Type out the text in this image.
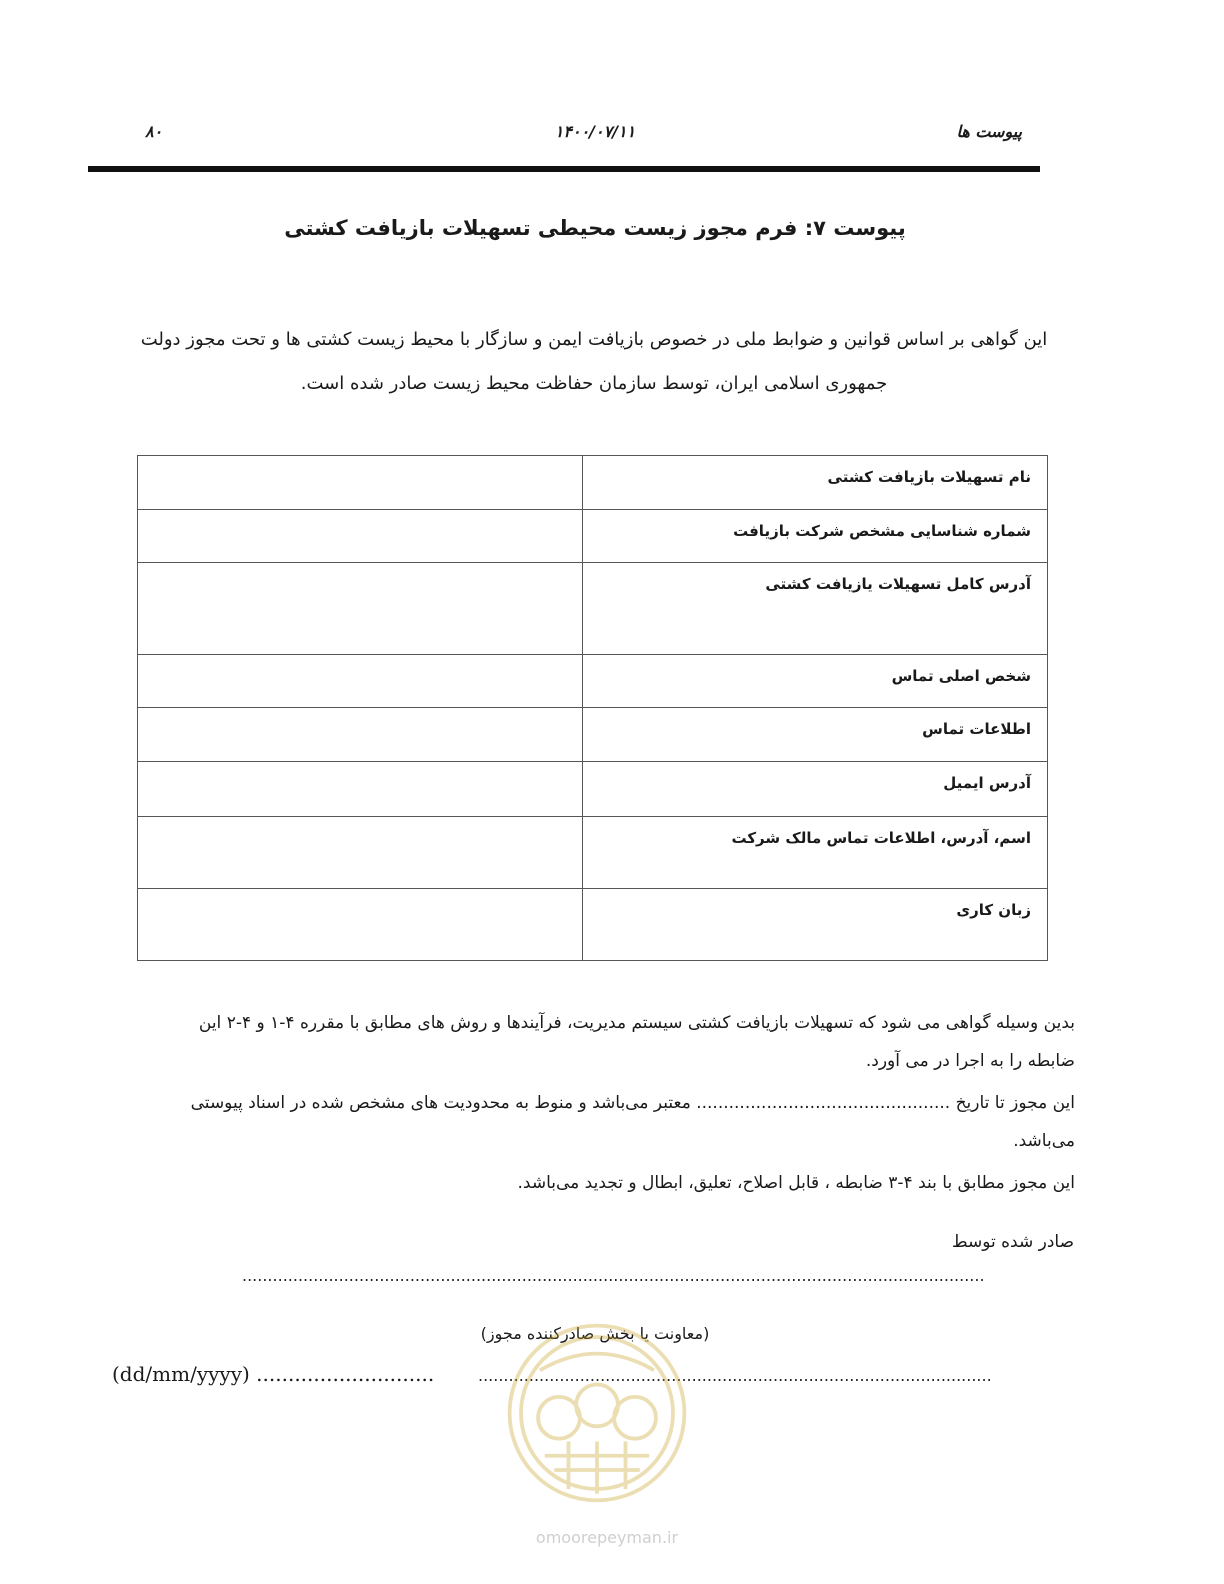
پیوست ها
۱۴۰۰/۰۷/۱۱
۸۰
پیوست ۷: فرم مجوز زیست محیطی تسهیلات بازیافت کشتی
این گواهی بر اساس قوانین و ضوابط ملی در خصوص بازیافت ایمن و سازگار با محیط زیست کشتی ها و تحت مجوز دولت جمهوری اسلامی ایران، توسط سازمان حفاظت محیط زیست صادر شده است.
نام تسهیلات بازیافت کشتی	
شماره شناسایی مشخص شرکت بازیافت	
آدرس کامل تسهیلات یازیافت کشتی	
شخص اصلی تماس	
اطلاعات تماس	
آدرس ایمیل	
اسم، آدرس، اطلاعات تماس مالک شرکت	
زبان کاری	

بدین وسیله گواهی می شود که تسهیلات بازیافت کشتی سیستم مدیریت، فرآیندها و روش های مطابق با مقرره ۴-۱ و ۴-۲ این ضابطه را به اجرا در می آورد.

این مجوز تا تاریخ ............................................... معتبر می‌باشد و منوط به محدودیت های مشخص شده در اسناد پیوستی می‌باشد.

این مجوز مطابق با بند ۴-۳ ضابطه ، قابل اصلاح، تعلیق، ابطال و تجدید می‌باشد.

صادر شده توسط
..................................................................................................................................................
(معاونت یا بخش صادرکننده مجوز)
.....................................................................................................
(dd/mm/yyyy) ............................
omoorepeyman.ir
